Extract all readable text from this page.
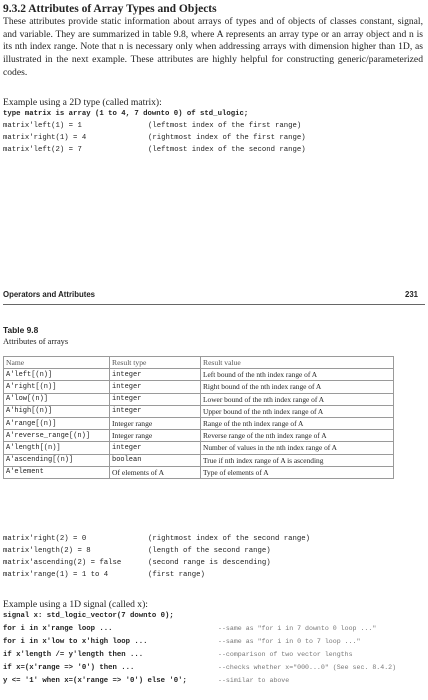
9.3.2 Attributes of Array Types and Objects

These attributes provide static information about arrays of types and of objects of classes constant, signal, and variable. They are summarized in table 9.8, where A represents an array type or an array object and n is its nth index range. Note that n is necessary only when addressing arrays with dimension higher than 1D, as illustrated in the next example. These attributes are highly helpful for constructing generic/parameterized codes.

Example using a 2D type (called matrix):
type matrix is array (1 to 4, 7 downto 0) of std_ulogic;
matrix'left(1) = 1	(leftmost index of the first range)
matrix'right(1) = 4	(rightmost index of the first range)
matrix'left(2) = 7	(leftmost index of the second range)
Operators and Attributes	231
Table 9.8
Attributes of arrays
Name	Result type	Result value
A'left[(n)]	integer	Left bound of the nth index range of A
A'right[(n)]	integer	Right bound of the nth index range of A
A'low[(n)]	integer	Lower bound of the nth index range of A
A'high[(n)]	integer	Upper bound of the nth index range of A
A'range[(n)]	Integer range	Range of the nth index range of A
A'reverse_range[(n)]	Integer range	Reverse range of the nth index range of A
A'length[(n)]	integer	Number of values in the nth index range of A
A'ascending[(n)]	boolean	True if nth index range of A is ascending
A'element	Of elements of A	Type of elements of A
matrix'right(2) = 0	(rightmost index of the second range)
matrix'length(2) = 8	(length of the second range)
matrix'ascending(2) = false	(second range is descending)
matrix'range(1) = 1 to 4	(first range)
Example using a 1D signal (called x):
signal x: std_logic_vector(7 downto 0);
for i in x'range loop ...	--same as "for i in 7 downto 0 loop ..."
for i in x'low to x'high loop ...	--same as "for i in 0 to 7 loop ..."
if x'length /= y'length then ...	--comparison of two vector lengths
if x=(x'range => '0') then ...	--checks whether x="000...0" (See sec. 8.4.2)
y <= '1' when x=(x'range => '0') else '0';	--similar to above
